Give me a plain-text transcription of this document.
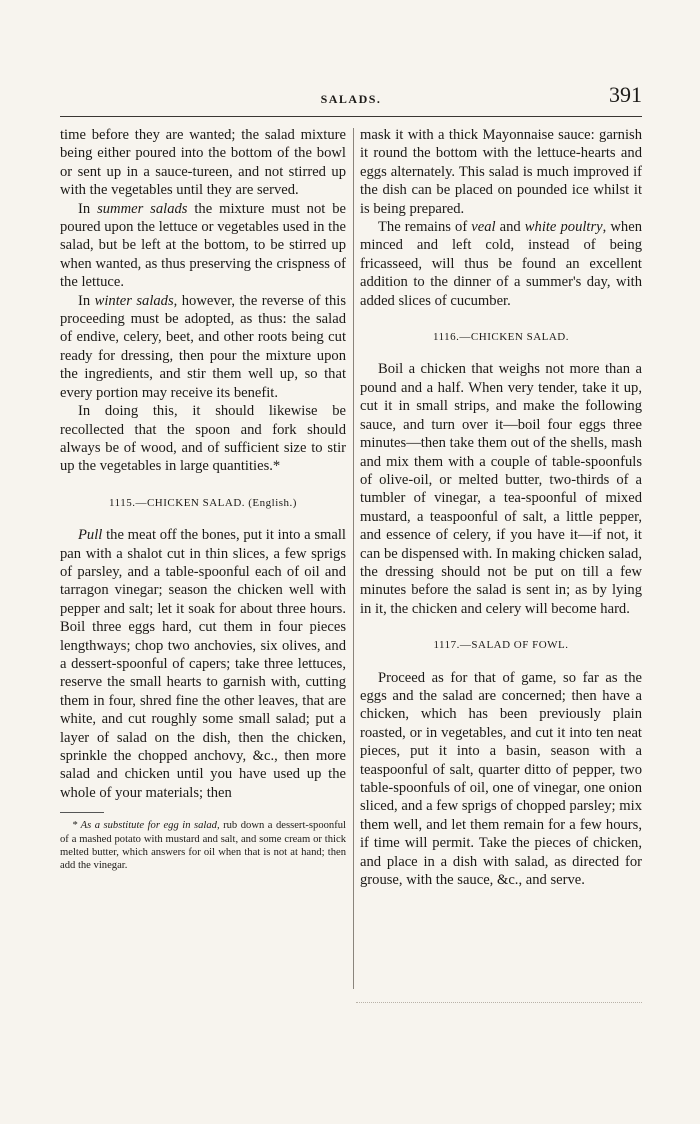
SALADS.	391

time before they are wanted; the salad mixture being either poured into the bottom of the bowl or sent up in a sauce-tureen, and not stirred up with the vegetables until they are served.

In summer salads the mixture must not be poured upon the lettuce or vegetables used in the salad, but be left at the bottom, to be stirred up when wanted, as thus preserving the crispness of the lettuce.

In winter salads, however, the reverse of this proceeding must be adopted, as thus: the salad of endive, celery, beet, and other roots being cut ready for dressing, then pour the mixture upon the ingredients, and stir them well up, so that every portion may receive its benefit.

In doing this, it should likewise be recollected that the spoon and fork should always be of wood, and of sufficient size to stir up the vegetables in large quantities.*

1115.—CHICKEN SALAD. (English.)

Pull the meat off the bones, put it into a small pan with a shalot cut in thin slices, a few sprigs of parsley, and a table-spoonful each of oil and tarragon vinegar; season the chicken well with pepper and salt; let it soak for about three hours. Boil three eggs hard, cut them in four pieces lengthways; chop two anchovies, six olives, and a dessert-spoonful of capers; take three lettuces, reserve the small hearts to garnish with, cutting them in four, shred fine the other leaves, that are white, and cut roughly some small salad; put a layer of salad on the dish, then the chicken, sprinkle the chopped anchovy, &c., then more salad and chicken until you have used up the whole of your materials; then

* As a substitute for egg in salad, rub down a dessert-spoonful of a mashed potato with mustard and salt, and some cream or thick melted butter, which answers for oil when that is not at hand; then add the vinegar.

mask it with a thick Mayonnaise sauce: garnish it round the bottom with the lettuce-hearts and eggs alternately. This salad is much improved if the dish can be placed on pounded ice whilst it is being prepared.

The remains of veal and white poultry, when minced and left cold, instead of being fricasseed, will thus be found an excellent addition to the dinner of a summer's day, with added slices of cucumber.

1116.—CHICKEN SALAD.

Boil a chicken that weighs not more than a pound and a half. When very tender, take it up, cut it in small strips, and make the following sauce, and turn over it—boil four eggs three minutes—then take them out of the shells, mash and mix them with a couple of table-spoonfuls of olive-oil, or melted butter, two-thirds of a tumbler of vinegar, a tea-spoonful of mixed mustard, a teaspoonful of salt, a little pepper, and essence of celery, if you have it—if not, it can be dispensed with. In making chicken salad, the dressing should not be put on till a few minutes before the salad is sent in; as by lying in it, the chicken and celery will become hard.

1117.—SALAD OF FOWL.

Proceed as for that of game, so far as the eggs and the salad are concerned; then have a chicken, which has been previously plain roasted, or in vegetables, and cut it into ten neat pieces, put it into a basin, season with a teaspoonful of salt, quarter ditto of pepper, two table-spoonfuls of oil, one of vinegar, one onion sliced, and a few sprigs of chopped parsley; mix them well, and let them remain for a few hours, if time will permit. Take the pieces of chicken, and place in a dish with salad, as directed for grouse, with the sauce, &c., and serve.
